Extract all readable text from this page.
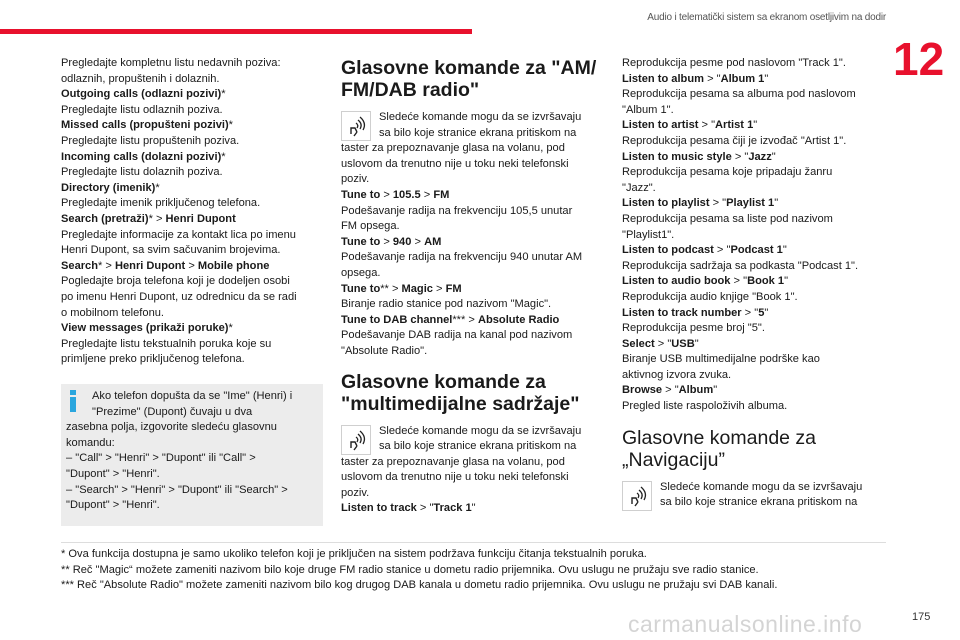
Audio i telematički sistem sa ekranom osetljivim na dodir
12
Pregledajte kompletnu listu nedavnih poziva:
odlaznih, propuštenih i dolaznih.
Outgoing calls (odlazni pozivi)*
Pregledajte listu odlaznih poziva.
Missed calls (propušteni pozivi)*
Pregledajte listu propuštenih poziva.
Incoming calls (dolazni pozivi)*
Pregledajte listu dolaznih poziva.
Directory (imenik)*
Pregledajte imenik priključenog telefona.
Search (pretraži)* > Henri Dupont
Pregledajte informacije za kontakt lica po imenu
Henri Dupont, sa svim sačuvanim brojevima.
Search* > Henri Dupont > Mobile phone
Pogledajte broja telefona koji je dodeljen osobi
po imenu Henri Dupont, uz odrednicu da se radi
o mobilnom telefonu.
View messages (prikaži poruke)*
Pregledajte listu tekstualnih poruka koje su
primljene preko priključenog telefona.
Ako telefon dopušta da se "Ime" (Henri) i
"Prezime" (Dupont) čuvaju u dva
zasebna polja, izgovorite sledeću glasovnu
komandu:
– "Call" > "Henri" > "Dupont" ili "Call" >
"Dupont" > "Henri".
– "Search" > "Henri" > "Dupont" ili "Search" >
"Dupont" > "Henri".
Glasovne komande za "AM/
FM/DAB radio"
Sledeće komande mogu da se izvršavaju
sa bilo koje stranice ekrana pritiskom na
taster za prepoznavanje glasa na volanu, pod
uslovom da trenutno nije u toku neki telefonski
poziv.
Tune to > 105.5 > FM
Podešavanje radija na frekvenciju 105,5 unutar
FM opsega.
Tune to > 940 > AM
Podešavanje radija na frekvenciju 940 unutar AM
opsega.
Tune to** > Magic > FM
Biranje radio stanice pod nazivom "Magic".
Tune to DAB channel*** > Absolute Radio
Podešavanje DAB radija na kanal pod nazivom
"Absolute Radio".
Glasovne komande za
"multimedijalne sadržaje"
Sledeće komande mogu da se izvršavaju
sa bilo koje stranice ekrana pritiskom na
taster za prepoznavanje glasa na volanu, pod
uslovom da trenutno nije u toku neki telefonski
poziv.
Listen to track > "Track 1"
Reprodukcija pesme pod naslovom "Track 1".
Listen to album > "Album 1"
Reprodukcija pesama sa albuma pod naslovom
"Album 1".
Listen to artist > "Artist 1"
Reprodukcija pesama čiji je izvođač "Artist 1".
Listen to music style > "Jazz"
Reprodukcija pesama koje pripadaju žanru
"Jazz".
Listen to playlist > "Playlist 1"
Reprodukcija pesama sa liste pod nazivom
"Playlist1".
Listen to podcast > "Podcast 1"
Reprodukcija sadržaja sa podkasta "Podcast 1".
Listen to audio book > "Book 1"
Reprodukcija audio knjige "Book 1".
Listen to track number > "5"
Reprodukcija pesme broj "5".
Select > "USB"
Biranje USB multimedijalne podrške kao
aktivnog izvora zvuka.
Browse > "Album"
Pregled liste raspoloživih albuma.
Glasovne komande za
„Navigaciju”
Sledeće komande mogu da se izvršavaju
sa bilo koje stranice ekrana pritiskom na
* Ova funkcija dostupna je samo ukoliko telefon koji je priključen na sistem podržava funkciju čitanja tekstualnih poruka.
** Reč "Magic“ možete zameniti nazivom bilo koje druge FM radio stanice u dometu radio prijemnika. Ovu uslugu ne pružaju sve radio stanice.
*** Reč "Absolute Radio" možete zameniti nazivom bilo kog drugog DAB kanala u dometu radio prijemnika. Ovu uslugu ne pružaju svi DAB kanali.
carmanualsonline.info	175
